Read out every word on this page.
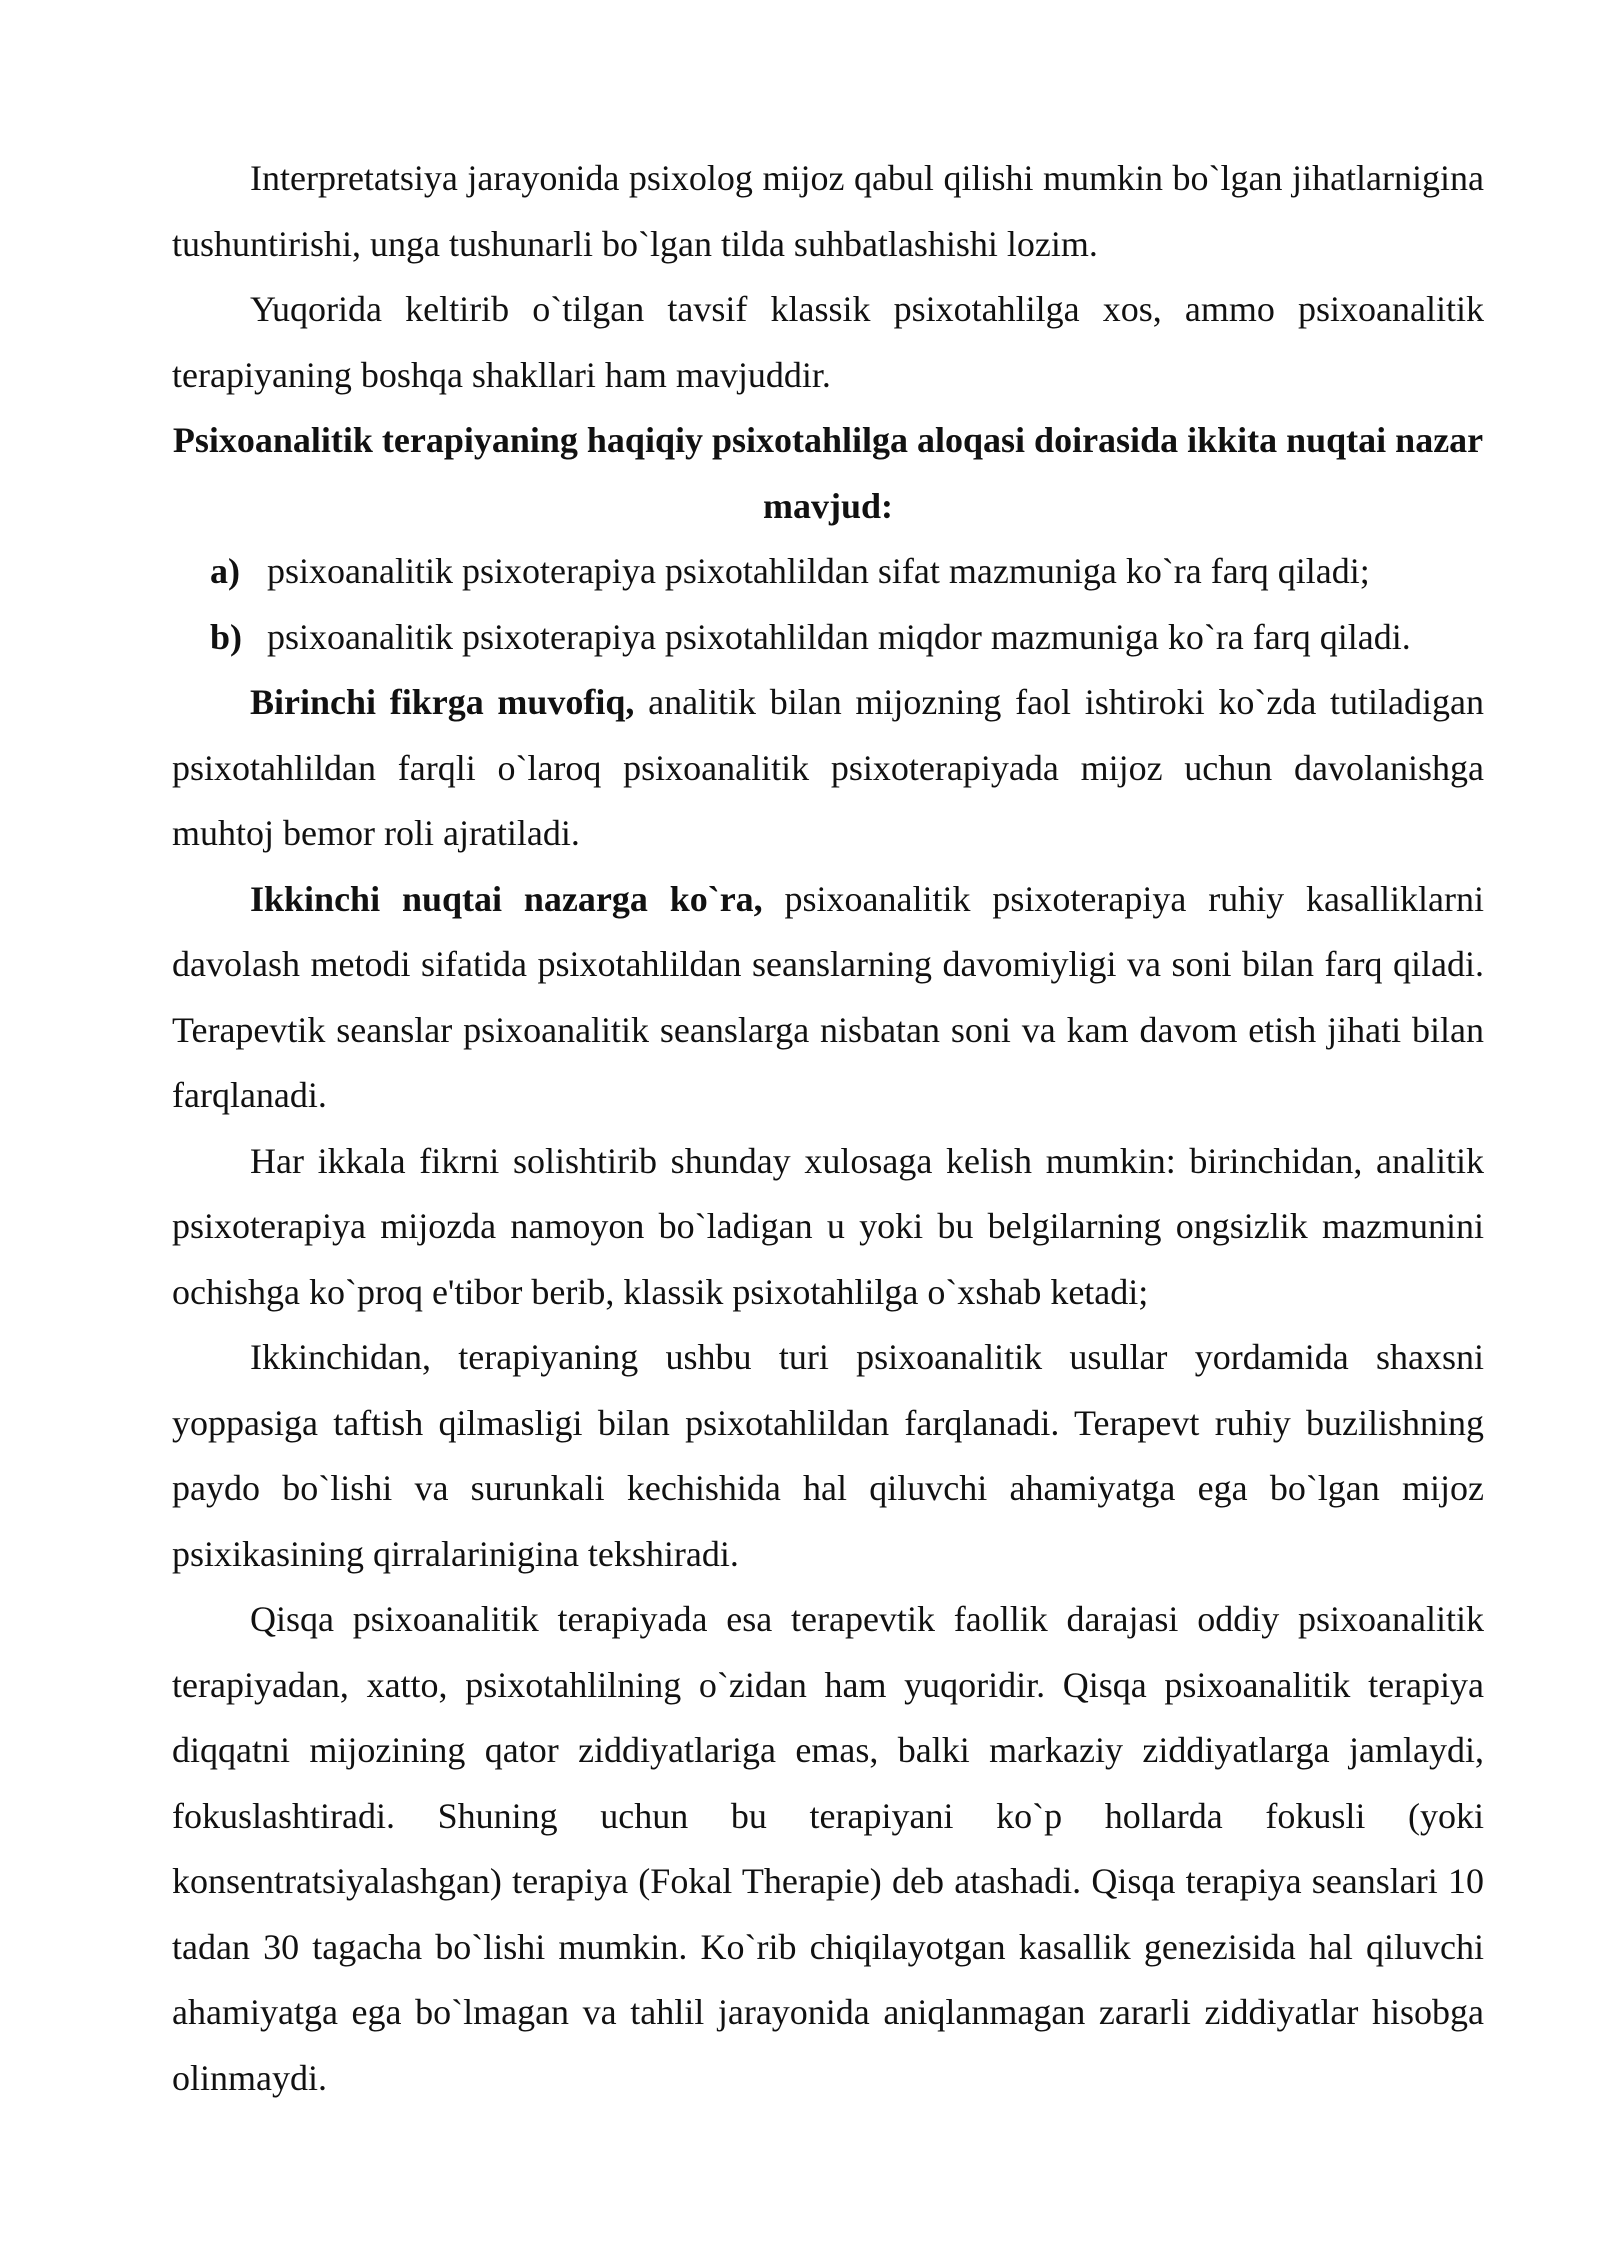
Interpretatsiya jarayonida psixolog mijoz qabul qilishi mumkin bo`lgan jihatlarnigina tushuntirishi, unga tushunarli bo`lgan tilda suhbatlashishi lozim.

Yuqorida keltirib o`tilgan tavsif klassik psixotahlilga xos, ammo psixoanalitik terapiyaning boshqa shakllari ham mavjuddir.

Psixoanalitik terapiyaning haqiqiy psixotahlilga aloqasi doirasida ikkita nuqtai nazar mavjud:

a) psixoanalitik psixoterapiya psixotahlildan sifat mazmuniga ko`ra farq qiladi;
b) psixoanalitik psixoterapiya psixotahlildan miqdor mazmuniga ko`ra farq qiladi.

Birinchi fikrga muvofiq, analitik bilan mijozning faol ishtiroki ko`zda tutiladigan psixotahlildan farqli o`laroq psixoanalitik psixoterapiyada mijoz uchun davolanishga muhtoj bemor roli ajratiladi.

Ikkinchi nuqtai nazarga ko`ra, psixoanalitik psixoterapiya ruhiy kasalliklarni davolash metodi sifatida psixotahlildan seanslarning davomiyligi va soni bilan farq qiladi. Terapevtik seanslar psixoanalitik seanslarga nisbatan soni va kam davom etish jihati bilan farqlanadi.

Har ikkala fikrni solishtirib shunday xulosaga kelish mumkin: birinchidan, analitik psixoterapiya mijozda namoyon bo`ladigan u yoki bu belgilarning ongsizlik mazmunini ochishga ko`proq e'tibor berib, klassik psixotahlilga o`xshab ketadi;

Ikkinchidan, terapiyaning ushbu turi psixoanalitik usullar yordamida shaxsni yoppasiga taftish qilmasligi bilan psixotahlildan farqlanadi. Terapevt ruhiy buzilishning paydo bo`lishi va surunkali kechishida hal qiluvchi ahamiyatga ega bo`lgan mijoz psixikasining qirralarinigina tekshiradi.

Qisqa psixoanalitik terapiyada esa terapevtik faollik darajasi oddiy psixoanalitik terapiyadan, xatto, psixotahlilning o`zidan ham yuqoridir. Qisqa psixoanalitik terapiya diqqatni mijozining qator ziddiyatlariga emas, balki markaziy ziddiyatlarga jamlaydi, fokuslashtiradi. Shuning uchun bu terapiyani ko`p hollarda fokusli (yoki konsentratsiyalashgan) terapiya (Fokal Therapie) deb atashadi. Qisqa terapiya seanslari 10 tadan 30 tagacha bo`lishi mumkin. Ko`rib chiqilayotgan kasallik genezisida hal qiluvchi ahamiyatga ega bo`lmagan va tahlil jarayonida aniqlanmagan zararli ziddiyatlar hisobga olinmaydi.
